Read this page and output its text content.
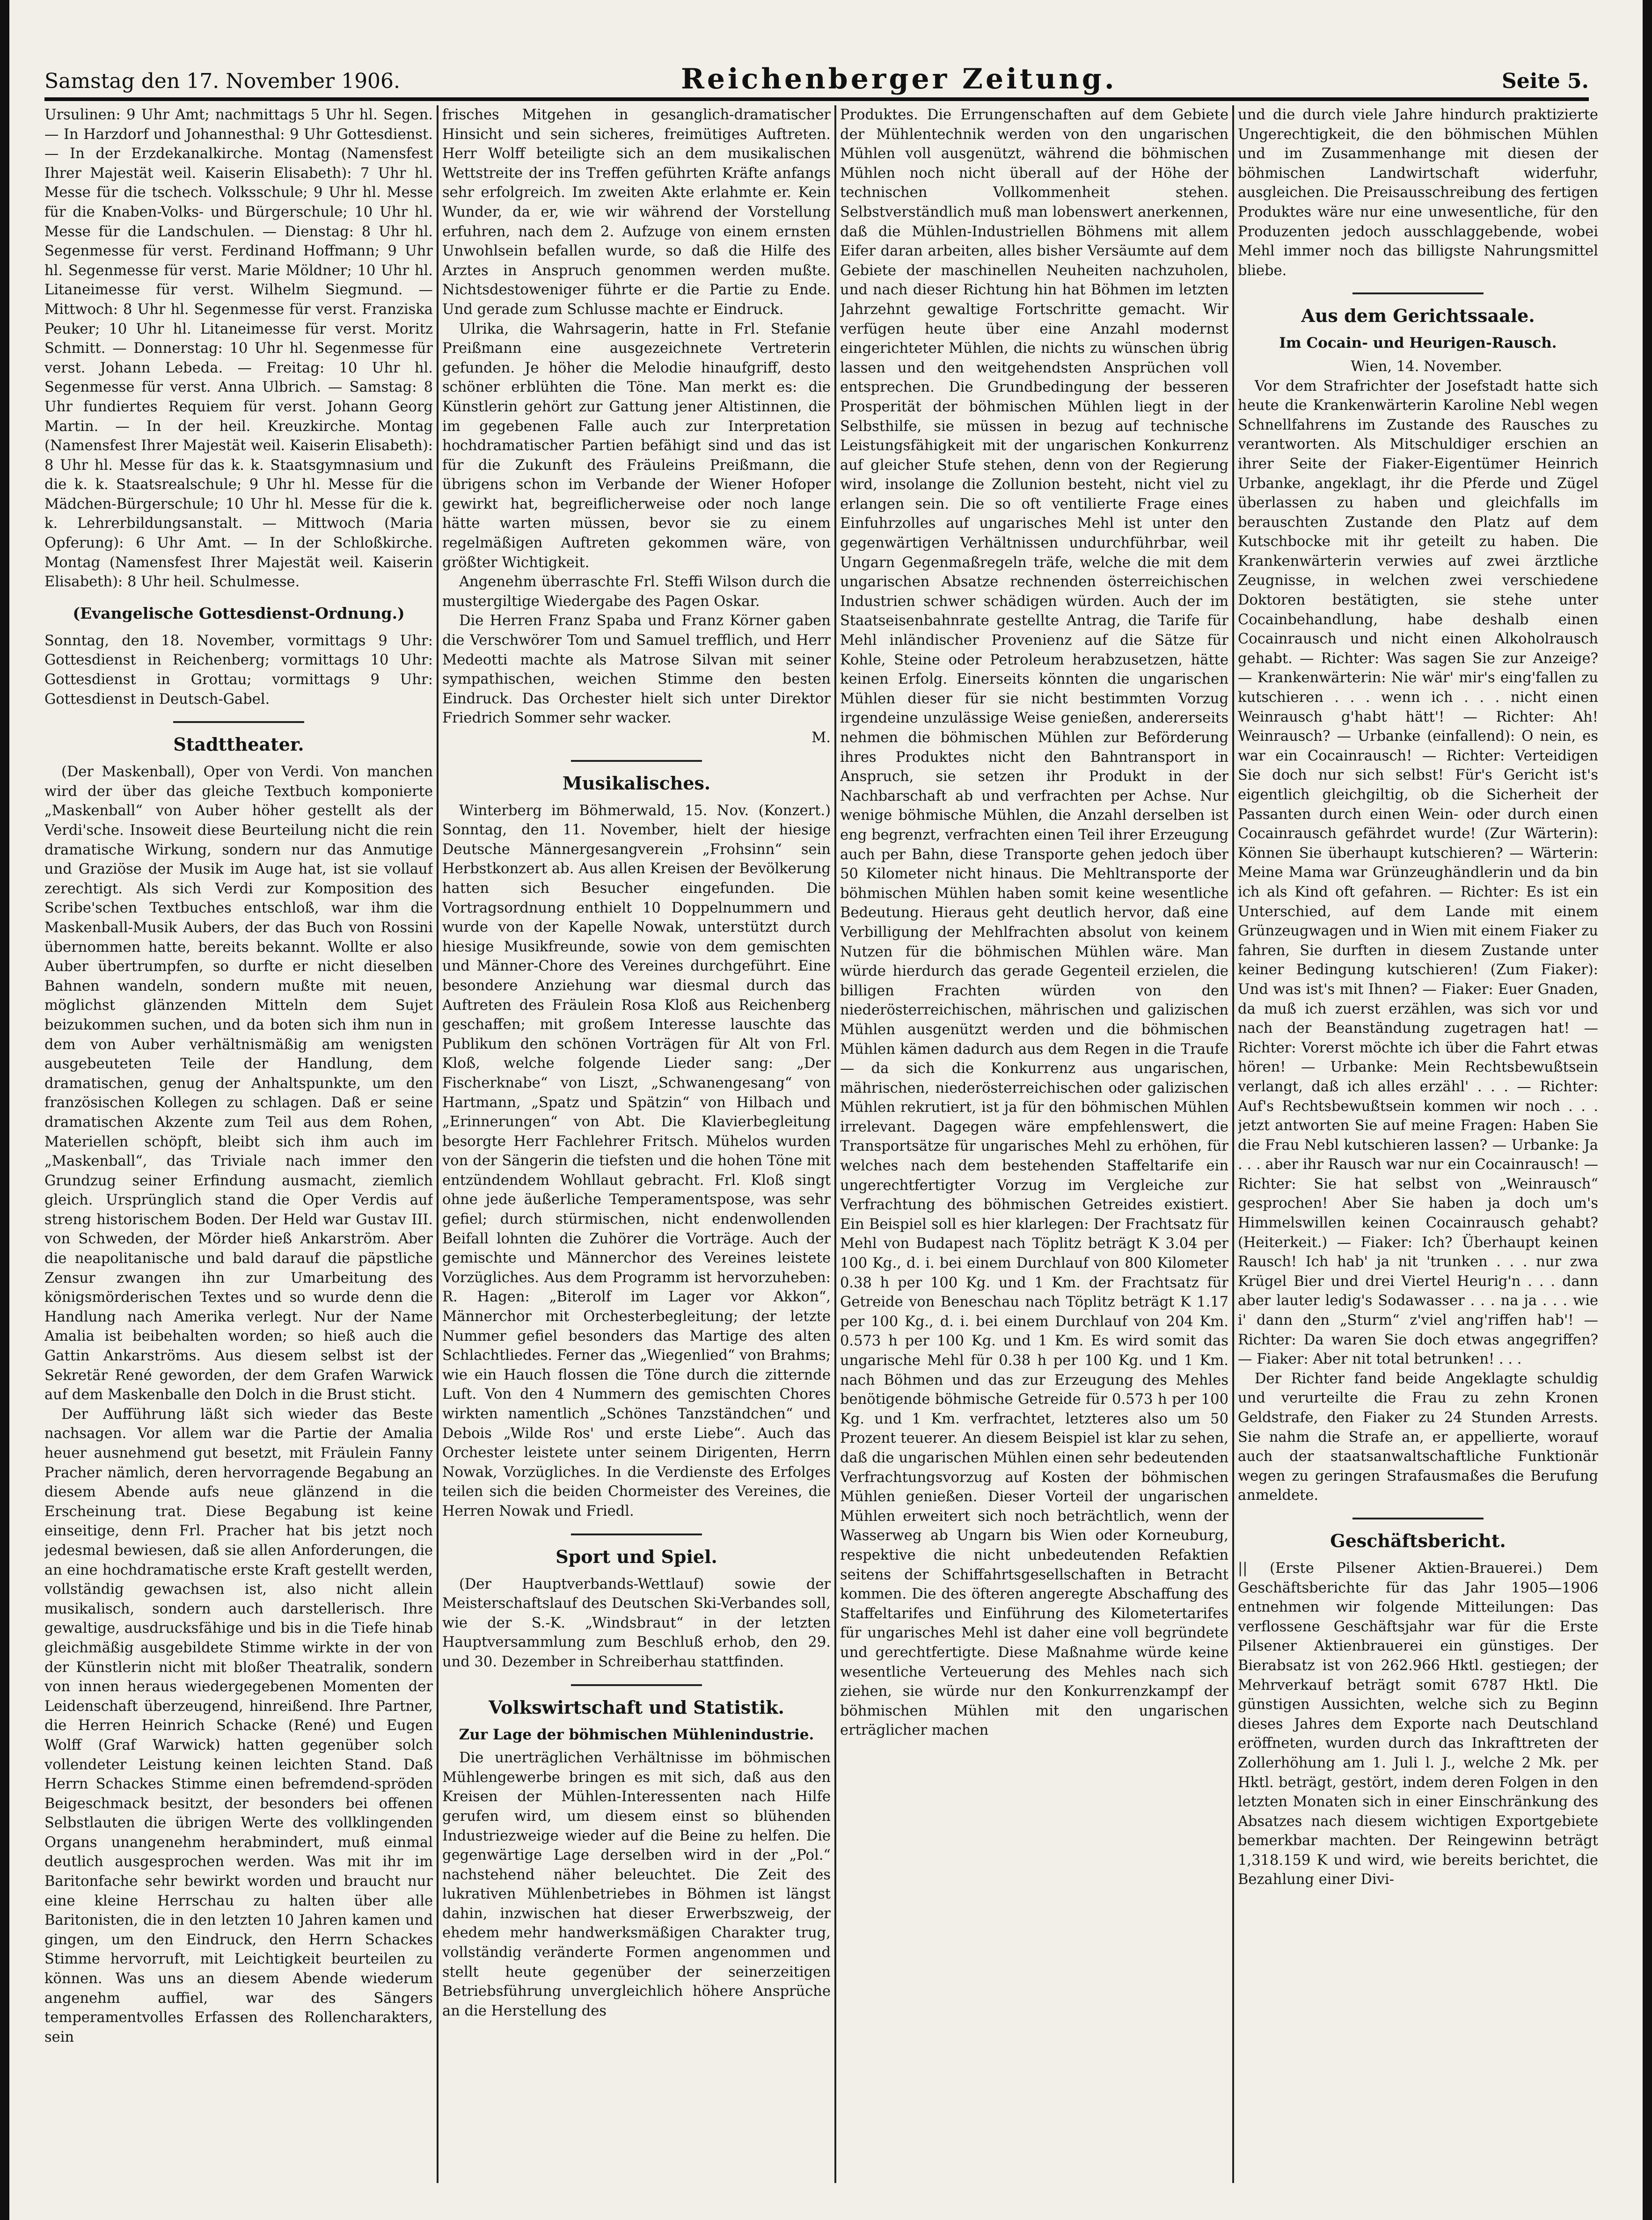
Samstag den 17. November 1906.	Reichenberger Zeitung.	Seite 5.

Ursulinen: 9 Uhr Amt; nachmittags 5 Uhr hl. Segen. — In Harzdorf und Johannesthal: 9 Uhr Gottesdienst. — In der Erzdekanalkirche. Montag (Namensfest Ihrer Majestät weil. Kaiserin Elisabeth): 7 Uhr hl. Messe für die tschech. Volksschule; 9 Uhr hl. Messe für die Knaben-Volks- und Bürgerschule; 10 Uhr hl. Messe für die Landschulen. — Dienstag: 8 Uhr hl. Segenmesse für verst. Ferdinand Hoffmann; 9 Uhr hl. Segenmesse für verst. Marie Möldner; 10 Uhr hl. Litaneimesse für verst. Wilhelm Siegmund. — Mittwoch: 8 Uhr hl. Segenmesse für verst. Franziska Peuker; 10 Uhr hl. Litaneimesse für verst. Moritz Schmitt. — Donnerstag: 10 Uhr hl. Segenmesse für verst. Johann Lebeda. — Freitag: 10 Uhr hl. Segenmesse für verst. Anna Ulbrich. — Samstag: 8 Uhr fundiertes Requiem für verst. Johann Georg Martin. — In der heil. Kreuzkirche. Montag (Namensfest Ihrer Majestät weil. Kaiserin Elisabeth): 8 Uhr hl. Messe für das k. k. Staatsgymnasium und die k. k. Staatsrealschule; 9 Uhr hl. Messe für die Mädchen-Bürgerschule; 10 Uhr hl. Messe für die k. k. Lehrerbildungsanstalt. — Mittwoch (Maria Opferung): 6 Uhr Amt. — In der Schloßkirche. Montag (Namensfest Ihrer Majestät weil. Kaiserin Elisabeth): 8 Uhr heil. Schulmesse.

(Evangelische Gottesdienst-Ordnung.)

Sonntag, den 18. November, vormittags 9 Uhr: Gottesdienst in Reichenberg; vormittags 10 Uhr: Gottesdienst in Grottau; vormittags 9 Uhr: Gottesdienst in Deutsch-Gabel.

Stadttheater.

(Der Maskenball), Oper von Verdi. Von manchen wird der über das gleiche Textbuch komponierte „Maskenball“ von Auber höher gestellt als der Verdi'sche. Insoweit diese Beurteilung nicht die rein dramatische Wirkung, sondern nur das Anmutige und Graziöse der Musik im Auge hat, ist sie vollauf zerechtigt. Als sich Verdi zur Komposition des Scribe'schen Textbuches entschloß, war ihm die Maskenball-Musik Aubers, der das Buch von Rossini übernommen hatte, bereits bekannt. Wollte er also Auber übertrumpfen, so durfte er nicht dieselben Bahnen wandeln, sondern mußte mit neuen, möglichst glänzenden Mitteln dem Sujet beizukommen suchen, und da boten sich ihm nun in dem von Auber verhältnismäßig am wenigsten ausgebeuteten Teile der Handlung, dem dramatischen, genug der Anhaltspunkte, um den französischen Kollegen zu schlagen. Daß er seine dramatischen Akzente zum Teil aus dem Rohen, Materiellen schöpft, bleibt sich ihm auch im „Maskenball“, das Triviale nach immer den Grundzug seiner Erfindung ausmacht, ziemlich gleich. Ursprünglich stand die Oper Verdis auf streng historischem Boden. Der Held war Gustav III. von Schweden, der Mörder hieß Ankarström. Aber die neapolitanische und bald darauf die päpstliche Zensur zwangen ihn zur Umarbeitung des königsmörderischen Textes und so wurde denn die Handlung nach Amerika verlegt. Nur der Name Amalia ist beibehalten worden; so hieß auch die Gattin Ankarströms. Aus diesem selbst ist der Sekretär René geworden, der dem Grafen Warwick auf dem Maskenballe den Dolch in die Brust sticht.

Der Aufführung läßt sich wieder das Beste nachsagen. Vor allem war die Partie der Amalia heuer ausnehmend gut besetzt, mit Fräulein Fanny Pracher nämlich, deren hervorragende Begabung an diesem Abende aufs neue glänzend in die Erscheinung trat. Diese Begabung ist keine einseitige, denn Frl. Pracher hat bis jetzt noch jedesmal bewiesen, daß sie allen Anforderungen, die an eine hochdramatische erste Kraft gestellt werden, vollständig gewachsen ist, also nicht allein musikalisch, sondern auch darstellerisch. Ihre gewaltige, ausdrucksfähige und bis in die Tiefe hinab gleichmäßig ausgebildete Stimme wirkte in der von der Künstlerin nicht mit bloßer Theatralik, sondern von innen heraus wiedergegebenen Momenten der Leidenschaft überzeugend, hinreißend. Ihre Partner, die Herren Heinrich Schacke (René) und Eugen Wolff (Graf Warwick) hatten gegenüber solch vollendeter Leistung keinen leichten Stand. Daß Herrn Schackes Stimme einen befremdend-spröden Beigeschmack besitzt, der besonders bei offenen Selbstlauten die übrigen Werte des vollklingenden Organs unangenehm herabmindert, muß einmal deutlich ausgesprochen werden. Was mit ihr im Baritonfache sehr bewirkt worden und braucht nur eine kleine Herrschau zu halten über alle Baritonisten, die in den letzten 10 Jahren kamen und gingen, um den Eindruck, den Herrn Schackes Stimme hervorruft, mit Leichtigkeit beurteilen zu können. Was uns an diesem Abende wiederum angenehm auffiel, war des Sängers temperamentvolles Erfassen des Rollencharakters, sein

frisches Mitgehen in gesanglich-dramatischer Hinsicht und sein sicheres, freimütiges Auftreten. Herr Wolff beteiligte sich an dem musikalischen Wettstreite der ins Treffen geführten Kräfte anfangs sehr erfolgreich. Im zweiten Akte erlahmte er. Kein Wunder, da er, wie wir während der Vorstellung erfuhren, nach dem 2. Aufzuge von einem ernsten Unwohlsein befallen wurde, so daß die Hilfe des Arztes in Anspruch genommen werden mußte. Nichtsdestoweniger führte er die Partie zu Ende. Und gerade zum Schlusse machte er Eindruck.

Ulrika, die Wahrsagerin, hatte in Frl. Stefanie Preißmann eine ausgezeichnete Vertreterin gefunden. Je höher die Melodie hinaufgriff, desto schöner erblühten die Töne. Man merkt es: die Künstlerin gehört zur Gattung jener Altistinnen, die im gegebenen Falle auch zur Interpretation hochdramatischer Partien befähigt sind und das ist für die Zukunft des Fräuleins Preißmann, die übrigens schon im Verbande der Wiener Hofoper gewirkt hat, begreiflicherweise oder noch lange hätte warten müssen, bevor sie zu einem regelmäßigen Auftreten gekommen wäre, von größter Wichtigkeit.

Angenehm überraschte Frl. Steffi Wilson durch die mustergiltige Wiedergabe des Pagen Oskar.

Die Herren Franz Spaba und Franz Körner gaben die Verschwörer Tom und Samuel trefflich, und Herr Medeotti machte als Matrose Silvan mit seiner sympathischen, weichen Stimme den besten Eindruck. Das Orchester hielt sich unter Direktor Friedrich Sommer sehr wacker.

M.

Musikalisches.

Winterberg im Böhmerwald, 15. Nov. (Konzert.) Sonntag, den 11. November, hielt der hiesige Deutsche Männergesangverein „Frohsinn“ sein Herbstkonzert ab. Aus allen Kreisen der Bevölkerung hatten sich Besucher eingefunden. Die Vortragsordnung enthielt 10 Doppelnummern und wurde von der Kapelle Nowak, unterstützt durch hiesige Musikfreunde, sowie von dem gemischten und Männer-Chore des Vereines durchgeführt. Eine besondere Anziehung war diesmal durch das Auftreten des Fräulein Rosa Kloß aus Reichenberg geschaffen; mit großem Interesse lauschte das Publikum den schönen Vorträgen für Alt von Frl. Kloß, welche folgende Lieder sang: „Der Fischerknabe“ von Liszt, „Schwanengesang“ von Hartmann, „Spatz und Spätzin“ von Hilbach und „Erinnerungen“ von Abt. Die Klavierbegleitung besorgte Herr Fachlehrer Fritsch. Mühelos wurden von der Sängerin die tiefsten und die hohen Töne mit entzündendem Wohllaut gebracht. Frl. Kloß singt ohne jede äußerliche Temperamentspose, was sehr gefiel; durch stürmischen, nicht endenwollenden Beifall lohnten die Zuhörer die Vorträge. Auch der gemischte und Männerchor des Vereines leistete Vorzügliches. Aus dem Programm ist hervorzuheben: R. Hagen: „Biterolf im Lager vor Akkon“, Männerchor mit Orchesterbegleitung; der letzte Nummer gefiel besonders das Martige des alten Schlachtliedes. Ferner das „Wiegenlied“ von Brahms; wie ein Hauch flossen die Töne durch die zitternde Luft. Von den 4 Nummern des gemischten Chores wirkten namentlich „Schönes Tanzständchen“ und Debois „Wilde Ros' und erste Liebe“. Auch das Orchester leistete unter seinem Dirigenten, Herrn Nowak, Vorzügliches. In die Verdienste des Erfolges teilen sich die beiden Chormeister des Vereines, die Herren Nowak und Friedl.

Sport und Spiel.

(Der Hauptverbands-Wettlauf) sowie der Meisterschaftslauf des Deutschen Ski-Verbandes soll, wie der S.-K. „Windsbraut“ in der letzten Hauptversammlung zum Beschluß erhob, den 29. und 30. Dezember in Schreiberhau stattfinden.

Volkswirtschaft und Statistik.
Zur Lage der böhmischen Mühlenindustrie.

Die unerträglichen Verhältnisse im böhmischen Mühlengewerbe bringen es mit sich, daß aus den Kreisen der Mühlen-Interessenten nach Hilfe gerufen wird, um diesem einst so blühenden Industriezweige wieder auf die Beine zu helfen. Die gegenwärtige Lage derselben wird in der „Pol.“ nachstehend näher beleuchtet. Die Zeit des lukrativen Mühlenbetriebes in Böhmen ist längst dahin, inzwischen hat dieser Erwerbszweig, der ehedem mehr handwerksmäßigen Charakter trug, vollständig veränderte Formen angenommen und stellt heute gegenüber der seinerzeitigen Betriebsführung unvergleichlich höhere Ansprüche an die Herstellung des

Produktes. Die Errungenschaften auf dem Gebiete der Mühlentechnik werden von den ungarischen Mühlen voll ausgenützt, während die böhmischen Mühlen noch nicht überall auf der Höhe der technischen Vollkommenheit stehen. Selbstverständlich muß man lobenswert anerkennen, daß die Mühlen-Industriellen Böhmens mit allem Eifer daran arbeiten, alles bisher Versäumte auf dem Gebiete der maschinellen Neuheiten nachzuholen, und nach dieser Richtung hin hat Böhmen im letzten Jahrzehnt gewaltige Fortschritte gemacht. Wir verfügen heute über eine Anzahl modernst eingerichteter Mühlen, die nichts zu wünschen übrig lassen und den weitgehendsten Ansprüchen voll entsprechen. Die Grundbedingung der besseren Prosperität der böhmischen Mühlen liegt in der Selbsthilfe, sie müssen in bezug auf technische Leistungsfähigkeit mit der ungarischen Konkurrenz auf gleicher Stufe stehen, denn von der Regierung wird, insolange die Zollunion besteht, nicht viel zu erlangen sein. Die so oft ventilierte Frage eines Einfuhrzolles auf ungarisches Mehl ist unter den gegenwärtigen Verhältnissen undurchführbar, weil Ungarn Gegenmaßregeln träfe, welche die mit dem ungarischen Absatze rechnenden österreichischen Industrien schwer schädigen würden. Auch der im Staatseisenbahnrate gestellte Antrag, die Tarife für Mehl inländischer Provenienz auf die Sätze für Kohle, Steine oder Petroleum herabzusetzen, hätte keinen Erfolg. Einerseits könnten die ungarischen Mühlen dieser für sie nicht bestimmten Vorzug irgendeine unzulässige Weise genießen, andererseits nehmen die böhmischen Mühlen zur Beförderung ihres Produktes nicht den Bahntransport in Anspruch, sie setzen ihr Produkt in der Nachbarschaft ab und verfrachten per Achse. Nur wenige böhmische Mühlen, die Anzahl derselben ist eng begrenzt, verfrachten einen Teil ihrer Erzeugung auch per Bahn, diese Transporte gehen jedoch über 50 Kilometer nicht hinaus. Die Mehltransporte der böhmischen Mühlen haben somit keine wesentliche Bedeutung. Hieraus geht deutlich hervor, daß eine Verbilligung der Mehlfrachten absolut von keinem Nutzen für die böhmischen Mühlen wäre. Man würde hierdurch das gerade Gegenteil erzielen, die billigen Frachten würden von den niederösterreichischen, mährischen und galizischen Mühlen ausgenützt werden und die böhmischen Mühlen kämen dadurch aus dem Regen in die Traufe — da sich die Konkurrenz aus ungarischen, mährischen, niederösterreichischen oder galizischen Mühlen rekrutiert, ist ja für den böhmischen Mühlen irrelevant. Dagegen wäre empfehlenswert, die Transportsätze für ungarisches Mehl zu erhöhen, für welches nach dem bestehenden Staffeltarife ein ungerechtfertigter Vorzug im Vergleiche zur Verfrachtung des böhmischen Getreides existiert. Ein Beispiel soll es hier klarlegen: Der Frachtsatz für Mehl von Budapest nach Töplitz beträgt K 3.04 per 100 Kg., d. i. bei einem Durchlauf von 800 Kilometer 0.38 h per 100 Kg. und 1 Km. der Frachtsatz für Getreide von Beneschau nach Töplitz beträgt K 1.17 per 100 Kg., d. i. bei einem Durchlauf von 204 Km. 0.573 h per 100 Kg. und 1 Km. Es wird somit das ungarische Mehl für 0.38 h per 100 Kg. und 1 Km. nach Böhmen und das zur Erzeugung des Mehles benötigende böhmische Getreide für 0.573 h per 100 Kg. und 1 Km. verfrachtet, letzteres also um 50 Prozent teuerer. An diesem Beispiel ist klar zu sehen, daß die ungarischen Mühlen einen sehr bedeutenden Verfrachtungsvorzug auf Kosten der böhmischen Mühlen genießen. Dieser Vorteil der ungarischen Mühlen erweitert sich noch beträchtlich, wenn der Wasserweg ab Ungarn bis Wien oder Korneuburg, respektive die nicht unbedeutenden Refaktien seitens der Schiffahrtsgesellschaften in Betracht kommen. Die des öfteren angeregte Abschaffung des Staffeltarifes und Einführung des Kilometertarifes für ungarisches Mehl ist daher eine voll begründete und gerechtfertigte. Diese Maßnahme würde keine wesentliche Verteuerung des Mehles nach sich ziehen, sie würde nur den Konkurrenzkampf der böhmischen Mühlen mit den ungarischen erträglicher machen

und die durch viele Jahre hindurch praktizierte Ungerechtigkeit, die den böhmischen Mühlen und im Zusammenhange mit diesen der böhmischen Landwirtschaft widerfuhr, ausgleichen. Die Preisausschreibung des fertigen Produktes wäre nur eine unwesentliche, für den Produzenten jedoch ausschlaggebende, wobei Mehl immer noch das billigste Nahrungsmittel bliebe.

Aus dem Gerichtssaale.
Im Cocain- und Heurigen-Rausch.

Wien, 14. November.

Vor dem Strafrichter der Josefstadt hatte sich heute die Krankenwärterin Karoline Nebl wegen Schnellfahrens im Zustande des Rausches zu verantworten. Als Mitschuldiger erschien an ihrer Seite der Fiaker-Eigentümer Heinrich Urbanke, angeklagt, ihr die Pferde und Zügel überlassen zu haben und gleichfalls im berauschten Zustande den Platz auf dem Kutschbocke mit ihr geteilt zu haben. Die Krankenwärterin verwies auf zwei ärztliche Zeugnisse, in welchen zwei verschiedene Doktoren bestätigten, sie stehe unter Cocainbehandlung, habe deshalb einen Cocainrausch und nicht einen Alkoholrausch gehabt. — Richter: Was sagen Sie zur Anzeige? — Krankenwärterin: Nie wär' mir's eing'fallen zu kutschieren . . . wenn ich . . . nicht einen Weinrausch g'habt hätt'! — Richter: Ah! Weinrausch? — Urbanke (einfallend): O nein, es war ein Cocainrausch! — Richter: Verteidigen Sie doch nur sich selbst! Für's Gericht ist's eigentlich gleichgiltig, ob die Sicherheit der Passanten durch einen Wein- oder durch einen Cocainrausch gefährdet wurde! (Zur Wärterin): Können Sie überhaupt kutschieren? — Wärterin: Meine Mama war Grünzeughändlerin und da bin ich als Kind oft gefahren. — Richter: Es ist ein Unterschied, auf dem Lande mit einem Grünzeugwagen und in Wien mit einem Fiaker zu fahren, Sie durften in diesem Zustande unter keiner Bedingung kutschieren! (Zum Fiaker): Und was ist's mit Ihnen? — Fiaker: Euer Gnaden, da muß ich zuerst erzählen, was sich vor und nach der Beanständung zugetragen hat! — Richter: Vorerst möchte ich über die Fahrt etwas hören! — Urbanke: Mein Rechtsbewußtsein verlangt, daß ich alles erzähl' . . . — Richter: Auf's Rechtsbewußtsein kommen wir noch . . . jetzt antworten Sie auf meine Fragen: Haben Sie die Frau Nebl kutschieren lassen? — Urbanke: Ja . . . aber ihr Rausch war nur ein Cocainrausch! — Richter: Sie hat selbst von „Weinrausch“ gesprochen! Aber Sie haben ja doch um's Himmelswillen keinen Cocainrausch gehabt? (Heiterkeit.) — Fiaker: Ich? Überhaupt keinen Rausch! Ich hab' ja nit 'trunken . . . nur zwa Krügel Bier und drei Viertel Heurig'n . . . dann aber lauter ledig's Sodawasser . . . na ja . . . wie i' dann den „Sturm“ z'viel ang'riffen hab'! — Richter: Da waren Sie doch etwas angegriffen? — Fiaker: Aber nit total betrunken! . . .

Der Richter fand beide Angeklagte schuldig und verurteilte die Frau zu zehn Kronen Geldstrafe, den Fiaker zu 24 Stunden Arrests. Sie nahm die Strafe an, er appellierte, worauf auch der staatsanwaltschaftliche Funktionär wegen zu geringen Strafausmaßes die Berufung anmeldete.

Geschäftsbericht.

|| (Erste Pilsener Aktien-Brauerei.) Dem Geschäftsberichte für das Jahr 1905—1906 entnehmen wir folgende Mitteilungen: Das verflossene Geschäftsjahr war für die Erste Pilsener Aktienbrauerei ein günstiges. Der Bierabsatz ist von 262.966 Hktl. gestiegen; der Mehrverkauf beträgt somit 6787 Hktl. Die günstigen Aussichten, welche sich zu Beginn dieses Jahres dem Exporte nach Deutschland eröffneten, wurden durch das Inkrafttreten der Zollerhöhung am 1. Juli l. J., welche 2 Mk. per Hktl. beträgt, gestört, indem deren Folgen in den letzten Monaten sich in einer Einschränkung des Absatzes nach diesem wichtigen Exportgebiete bemerkbar machten. Der Reingewinn beträgt 1,318.159 K und wird, wie bereits berichtet, die Bezahlung einer Divi-
